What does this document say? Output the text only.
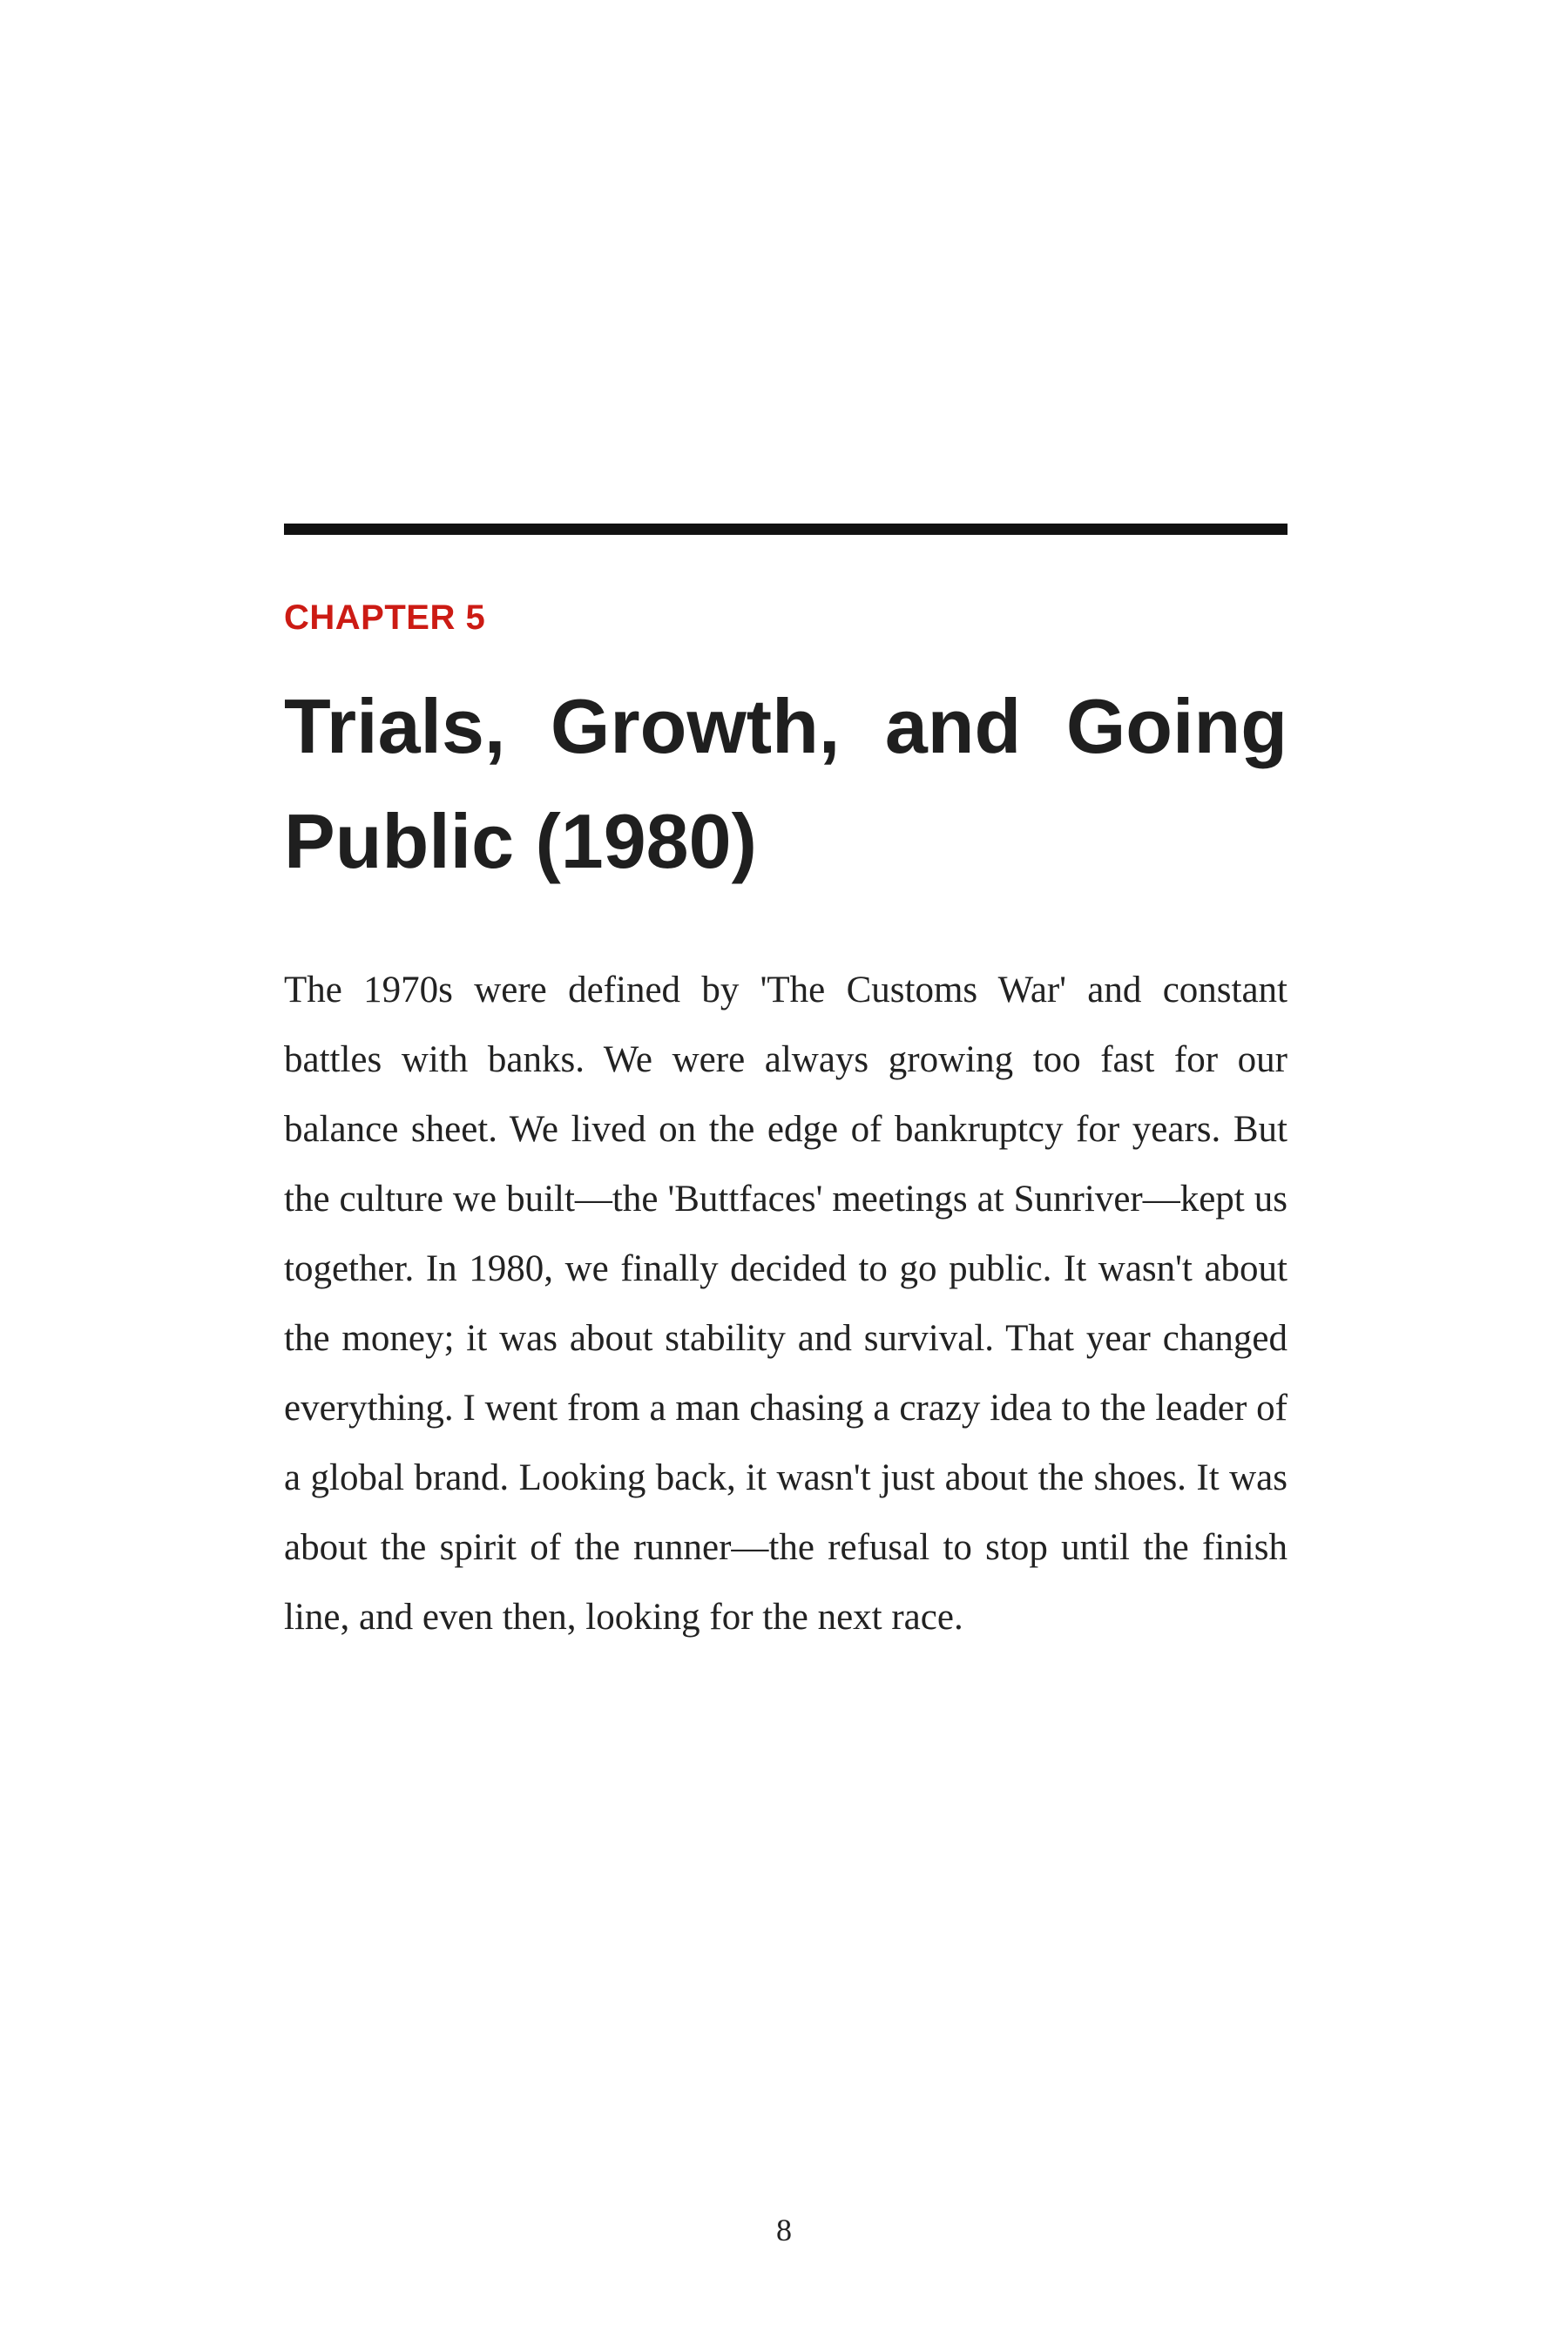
CHAPTER 5

Trials, Growth, and Going Public (1980)

The 1970s were defined by 'The Customs War' and constant battles with banks. We were always growing too fast for our balance sheet. We lived on the edge of bankruptcy for years. But the culture we built—the 'Buttfaces' meetings at Sunriver—kept us together. In 1980, we finally decided to go public. It wasn't about the money; it was about stability and survival. That year changed everything. I went from a man chasing a crazy idea to the leader of a global brand. Looking back, it wasn't just about the shoes. It was about the spirit of the runner—the refusal to stop until the finish line, and even then, looking for the next race.

8
